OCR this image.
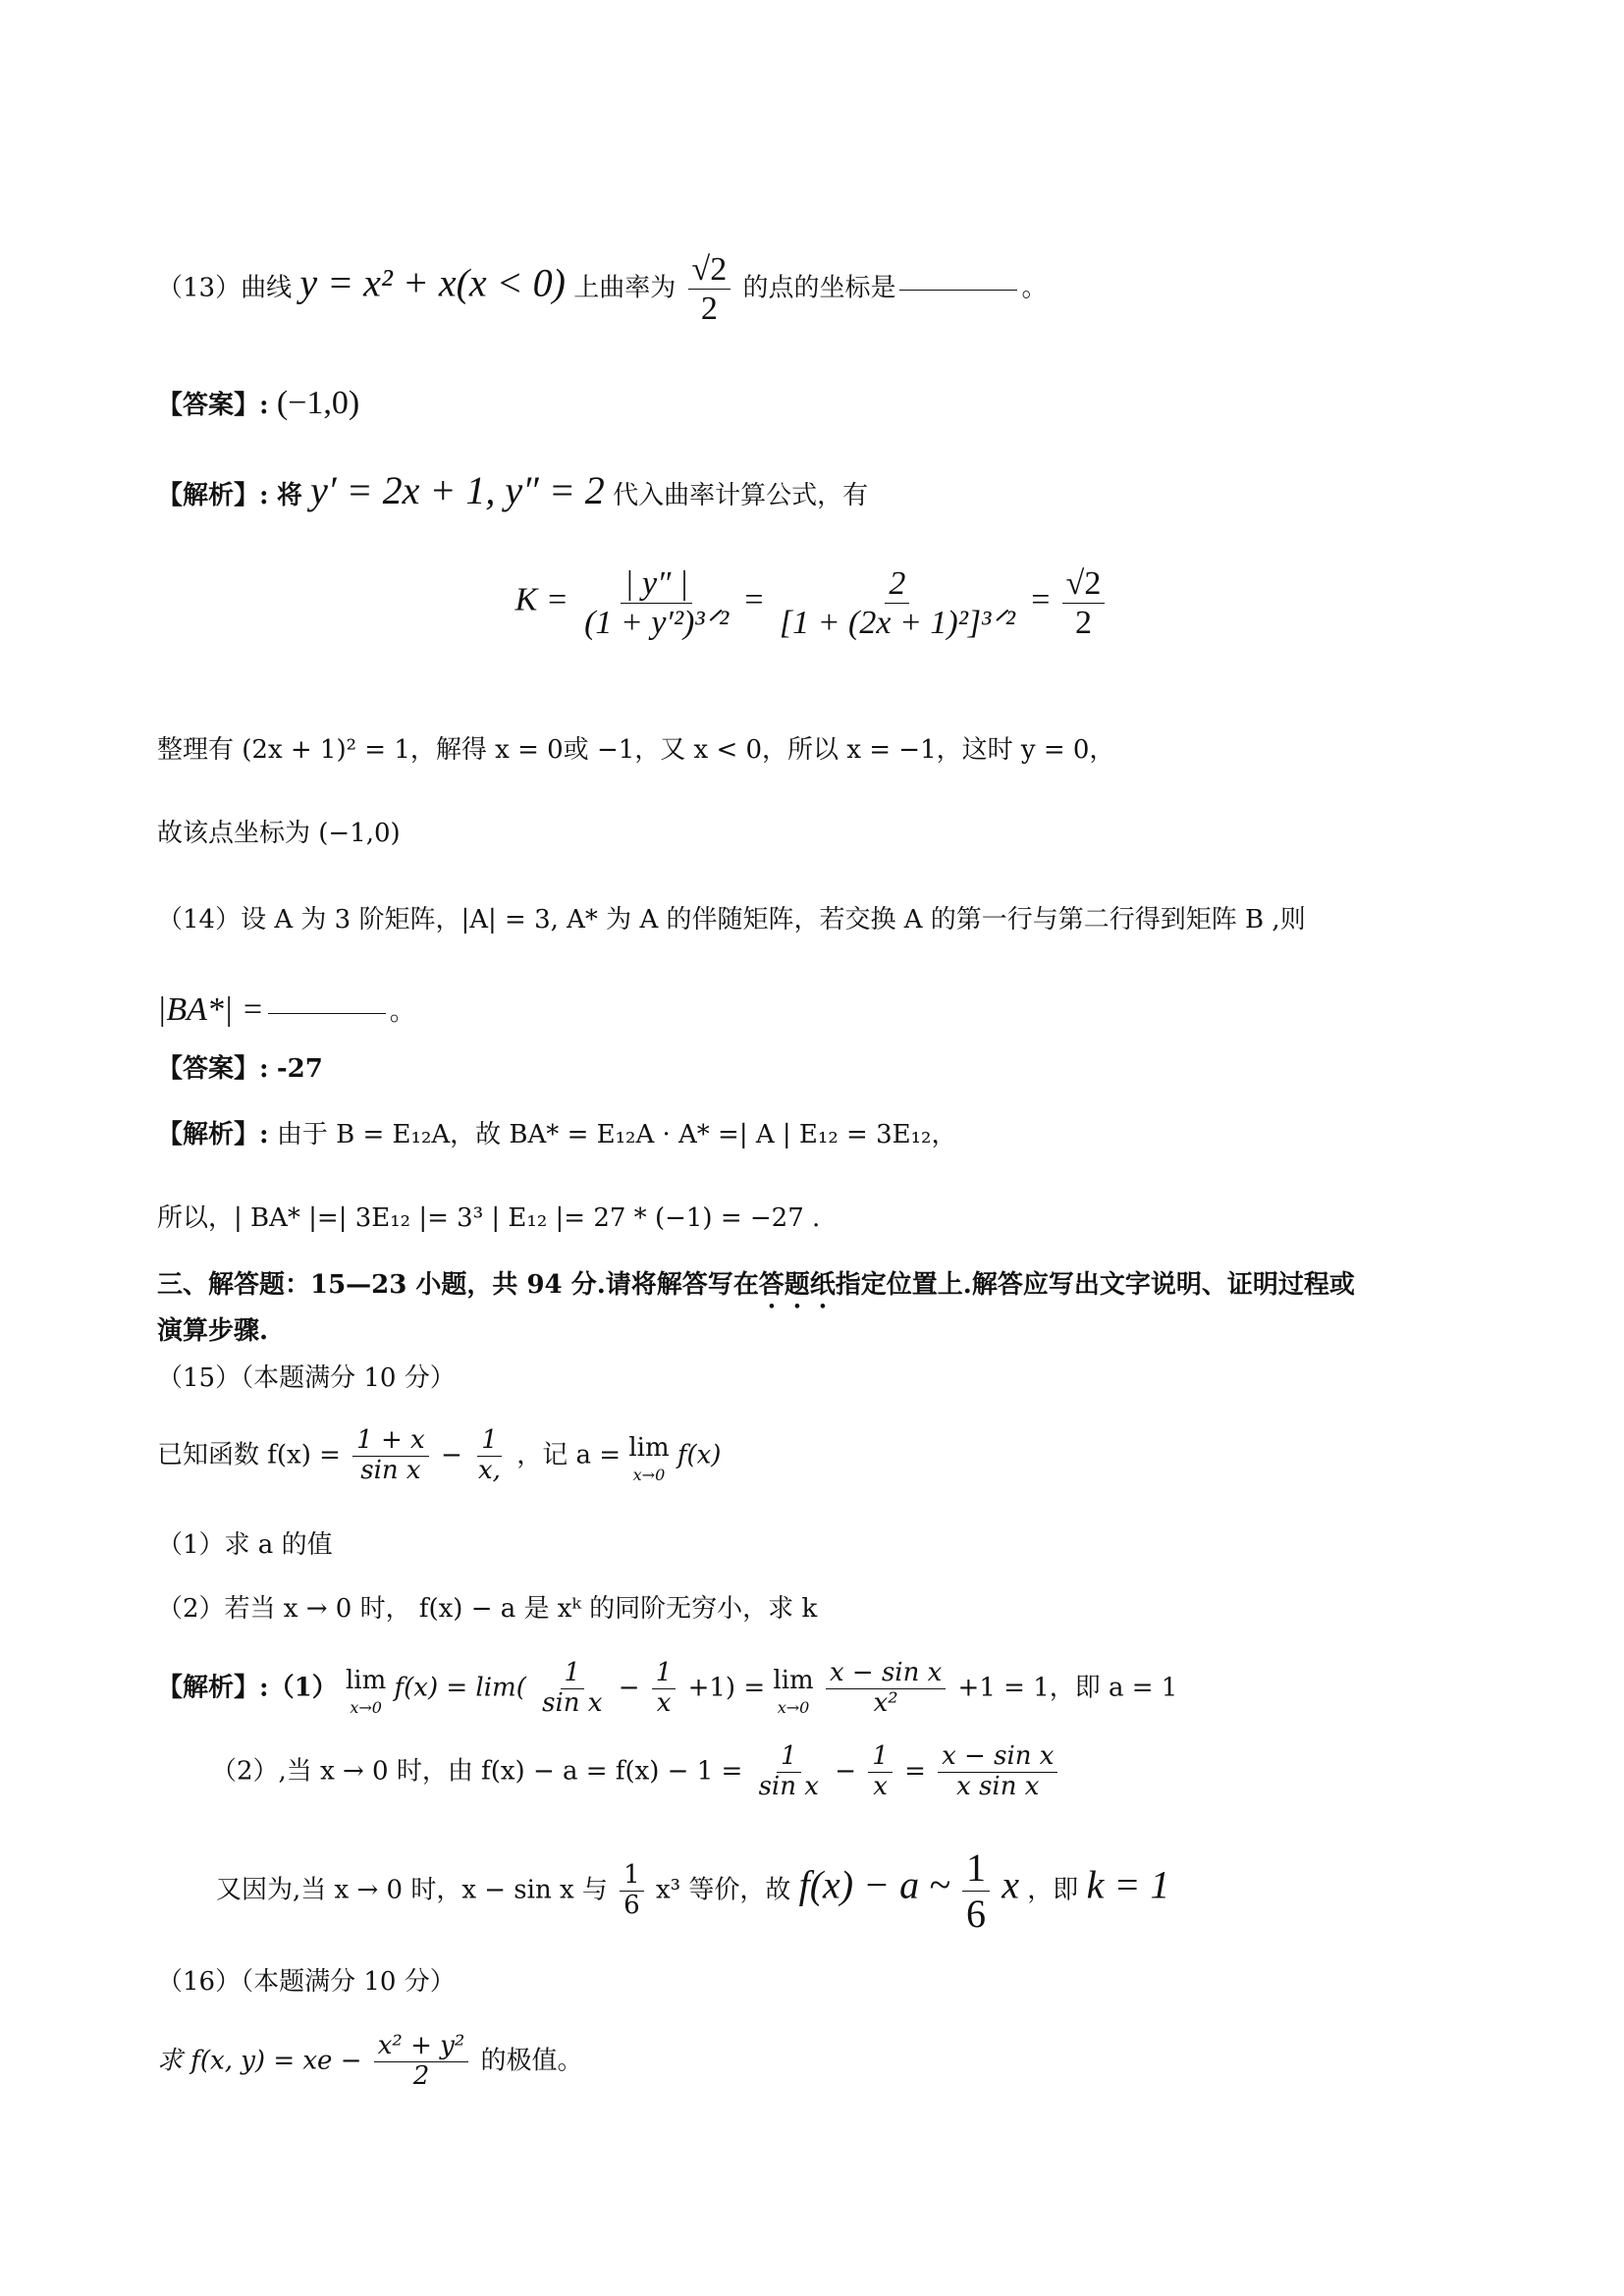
（13）曲线 y = x² + x(x < 0) 上曲率为 $\frac{√2}{2}$ 的点的坐标是	。
【答案】: (−1,0)
【解析】: 将 y′ = 2x + 1, y″ = 2 代入曲率计算公式，有
$K = \frac{| y'' |}{\text{(1 + y′²)³ᐟ²}} = \frac{2}{\text{[1 + (2x + 1)²]³ᐟ²}} = \frac{√2}{2}$
整理有 (2x + 1)² = 1，解得 x = 0或 −1，又 x < 0，所以 x = −1，这时 y = 0，
故该点坐标为 (−1,0)
（14）设 A 为 3 阶矩阵，|A| = 3, A* 为 A 的伴随矩阵，若交换 A 的第一行与第二行得到矩阵 B ,则
|BA*| =	。
【答案】: -27
【解析】: 由于 B = E₁₂A，故 BA* = E₁₂A · A* =| A | E₁₂ = 3E₁₂，
所以，| BA* |=| 3E₁₂ |= 3³ | E₁₂ |= 27 * (−1) = −27 .
三、解答题：15—23 小题，共 94 分.请将解答写在答题纸指定位置上.解答应写出文字说明、证明过程或
演算步骤.
（15）（本题满分 10 分）
已知函数 $f(x) = \frac{1 + x}{\text{sin x}} - \frac{1}{x,}$ ，记 a = lim
x→0
f(x)
（1）求 a 的值
（2）若当 x → 0 时， f(x) − a 是 xᵏ 的同阶无穷小，求 k
【解析】:（1） lim
x→0
$f(x) = \lim( \frac{1}{\text{sin x}} - \frac{1}{x} +1) = \lim$
x→0
$\frac{\text{x − sin x}}{\text{x²}} +1 = 1$，即 a = 1
（2）,当 x → 0 时，由 $f(x) - a = f(x) - 1 = \frac{1}{\text{sin x}} - \frac{1}{x} = \frac{\text{x − sin x}}{\text{x sin x}}$
又因为,当 x → 0 时，x − sin x 与 $\frac{1}{6} x^3$ 等价，故 f(x) − a ~ $\frac{1}{6}$ x ，即 k = 1
（16）（本题满分 10 分）
求 f(x, y) = xe − $\frac{\text{x² + y²}}{2}$ 的极值。
